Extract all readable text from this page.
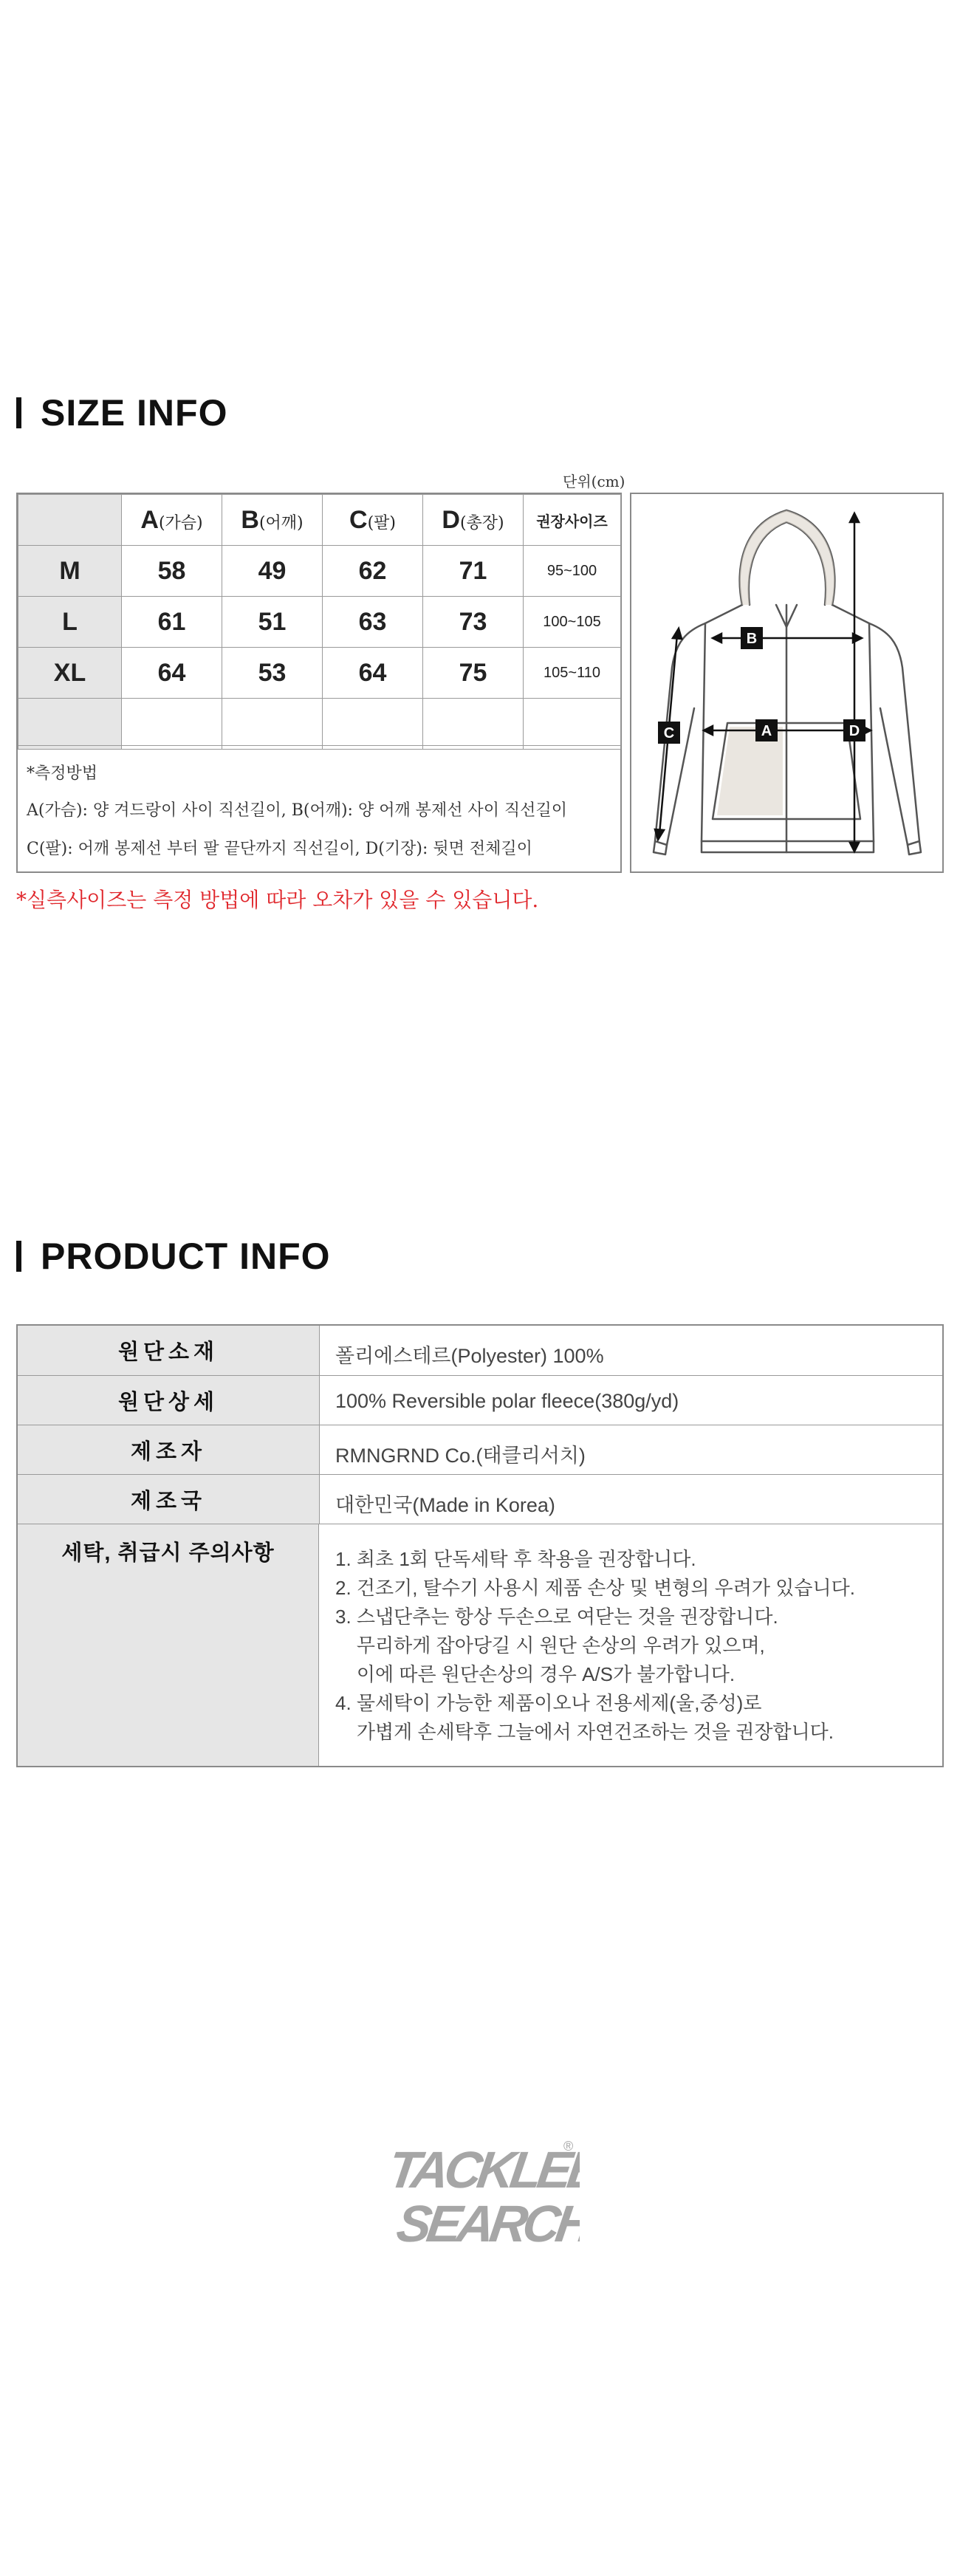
SIZE INFO
단위(cm)
	A(가슴)	B(어깨)	C(팔)	D(총장)	권장사이즈
M	58	49	62	71	95~100
L	61	51	63	73	100~105
XL	64	53	64	75	105~110

*측정방법
A(가슴): 양 겨드랑이 사이 직선길이, B(어깨): 양 어깨 봉제선 사이 직선길이
C(팔): 어깨 봉제선 부터 팔 끝단까지 직선길이, D(기장): 뒷면 전체길이
B
A
C	D
*실측사이즈는 측정 방법에 따라 오차가 있을 수 있습니다.
PRODUCT INFO
원단소재	폴리에스테르(Polyester) 100%
원단상세	100% Reversible polar fleece(380g/yd)
제조자	RMNGRND Co.(태클리서치)
제조국	대한민국(Made in Korea)
세탁, 취급시 주의사항	1. 최초 1회 단독세탁 후 착용을 권장합니다.
2. 건조기, 탈수기 사용시 제품 손상 및 변형의 우려가 있습니다.
3. 스냅단추는 항상 두손으로 여닫는 것을 권장합니다.
무리하게 잡아당길 시 원단 손상의 우려가 있으며,
이에 따른 원단손상의 경우 A/S가 불가합니다.
4. 물세탁이 가능한 제품이오나 전용세제(울,중성)로
가볍게 손세탁후 그늘에서 자연건조하는 것을 권장합니다.
TACKLEE
SEARCH
®
